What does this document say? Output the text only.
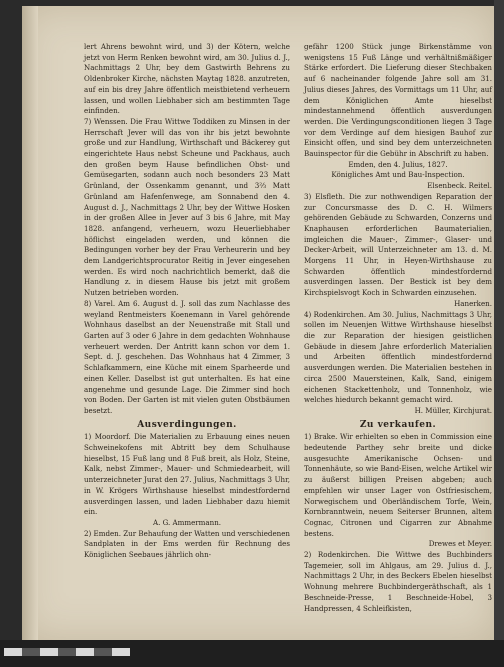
lert Ahrens bewohnt wird, und 3) der Kötern, welche jetzt von Herm Renken bewohnt wird, am 30. Julius d. J., Nachmittags 2 Uhr, bey dem Gastwirth Behrens zu Oldenbroker Kirche, nächsten Maytag 1828. anzutreten, auf ein bis drey Jahre öffentlich meistbietend verheuern lassen, und wollen Liebhaber sich am bestimmten Tage einfinden.

7) Wenssen. Die Frau Wittwe Toddiken zu Minsen in der Herrschaft Jever will das von ihr bis jetzt bewohnte große und zur Handlung, Wirthschaft und Bäckerey gut eingerichtete Haus nebst Scheune und Packhaus, auch den großen beym Hause befindlichen Obst- und Gemüsegarten, sodann auch noch besonders 23 Matt Grünland, der Ossenkamm genannt, und 3⅔ Matt Grünland am Hafenfenwege, am Sonnabend den 4. August d. J., Nachmittags 2 Uhr, bey der Wittwe Hosken in der großen Allee in Jever auf 3 bis 6 Jahre, mit May 1828. anfangend, verheuern, wozu Heuerliebhaber höflichst eingeladen werden, und können die Bedingungen vorher bey der Frau Verheurerin und bey dem Landgerichtsprocurator Reitig in Jever eingesehen werden. Es wird noch nachrichtlich bemerkt, daß die Handlung z. in diesem Hause bis jetzt mit großem Nutzen betrieben worden.

8) Varel. Am 6. August d. J. soll das zum Nachlasse des weyland Rentmeisters Koenemann in Varel gehörende Wohnhaus daselbst an der Neuenstraße mit Stall und Garten auf 3 oder 6 Jahre in dem gedachten Wohnhause verheuert werden. Der Antritt kann schon vor dem 1. Sept. d. J. geschehen. Das Wohnhaus hat 4 Zimmer, 3 Schlafkammern, eine Küche mit einem Sparheerde und einen Keller. Daselbst ist gut unterhalten. Es hat eine angenehme und gesunde Lage. Die Zimmer sind hoch von Boden. Der Garten ist mit vielen guten Obstbäumen besetzt.

Ausverdingungen.

1) Moordorf. Die Materialien zu Erbauung eines neuen Schweinekofens mit Abtritt bey dem Schulhause hieselbst, 15 Fuß lang und 8 Fuß breit, als Holz, Steine, Kalk, nebst Zimmer-, Mauer- und Schmiedearbeit, will unterzeichneter Jurat den 27. Julius, Nachmittags 3 Uhr, in W. Krögers Wirthshause hieselbst mindestfordernd ausverdingen lassen, und laden Liebhaber dazu hiemit ein.

A. G. Ammermann.

2) Emden. Zur Behaufung der Watten und verschiedenen Sandplaten in der Ems werden für Rechnung des Königlichen Seebaues jährlich ohn-

gefähr 1200 Stück junge Birkenstämme von wenigstens 15 Fuß Länge und verhältnißmäßiger Stärke erfordert. Die Lieferung dieser Stechbaken auf 6 nacheinander folgende Jahre soll am 31. Julius dieses Jahres, des Vormittags um 11 Uhr, auf dem Königlichen Amte hieselbst mindestannehmend öffentlich ausverdungen werden. Die Verdingungsconditionen liegen 3 Tage vor dem Verdinge auf dem hiesigen Bauhof zur Einsicht offen, und sind bey dem unterzeichneten Bauinspector für die Gebühr in Abschrift zu haben.

Emden, den 4. Julius, 1827.

Königliches Amt und Bau-Inspection.

Elsenbeck. Reitel.

3) Elsfleth. Die zur nothwendigen Reparation der zur Concursmasse des D. C. H. Wilmers gehörenden Gebäude zu Schwarden, Conzerns und Knaphausen erforderlichen Baumaterialien, imgleichen die Mauer-, Zimmer-, Glaser- und Decker-Arbeit, will Unterzeichneter am 13. d. M. Morgens 11 Uhr, in Heyen-Wirthshause zu Schwarden öffentlich mindestfordernd ausverdingen lassen. Der Bestick ist bey dem Kirchspielsvogt Koch in Schwarden einzusehen.

Hanerken.

4) Rodenkirchen. Am 30. Julius, Nachmittags 3 Uhr, sollen im Neuenjen Wittwe Wirthshause hieselbst die zur Reparation der hiesigen geistlichen Gebäude in diesem Jahre erforderlich Materialien und Arbeiten öffentlich mindestfordernd ausverdungen werden. Die Materialien bestehen in circa 2500 Mauersteinen, Kalk, Sand, einigem eichenen Stackettenholz, und Tonnenholz, wie welches hiedurch bekannt gemacht wird.

H. Müller, Kirchjurat.

Zu verkaufen.

1) Brake. Wir erhielten so eben in Commission eine bedeutende Parthey sehr breite und dicke ausgesuchte Amerikanische Ochsen- und Tonnenhäute, so wie Band-Eisen, welche Artikel wir zu äußerst billigen Preisen abgeben; auch empfehlen wir unser Lager von Ostfriesischem, Norwegischem und Oberländischem Torfe, Wein, Kornbranntwein, neuem Seiterser Brunnen, altem Cognac, Citronen und Cigarren zur Abnahme bestens.

Drewes et Meyer.

2) Rodenkirchen. Die Wittwe des Buchbinders Tagemeier, soll im Ahlgaus, am 29. Julius d. J., Nachmittags 2 Uhr, in des Beckers Ebelen hieselbst Wohnung mehrere Buchbindergeräthschaft, als 1 Beschneide-Presse, 1 Beschneide-Hobel, 3 Handpressen, 4 Schleifkisten,
